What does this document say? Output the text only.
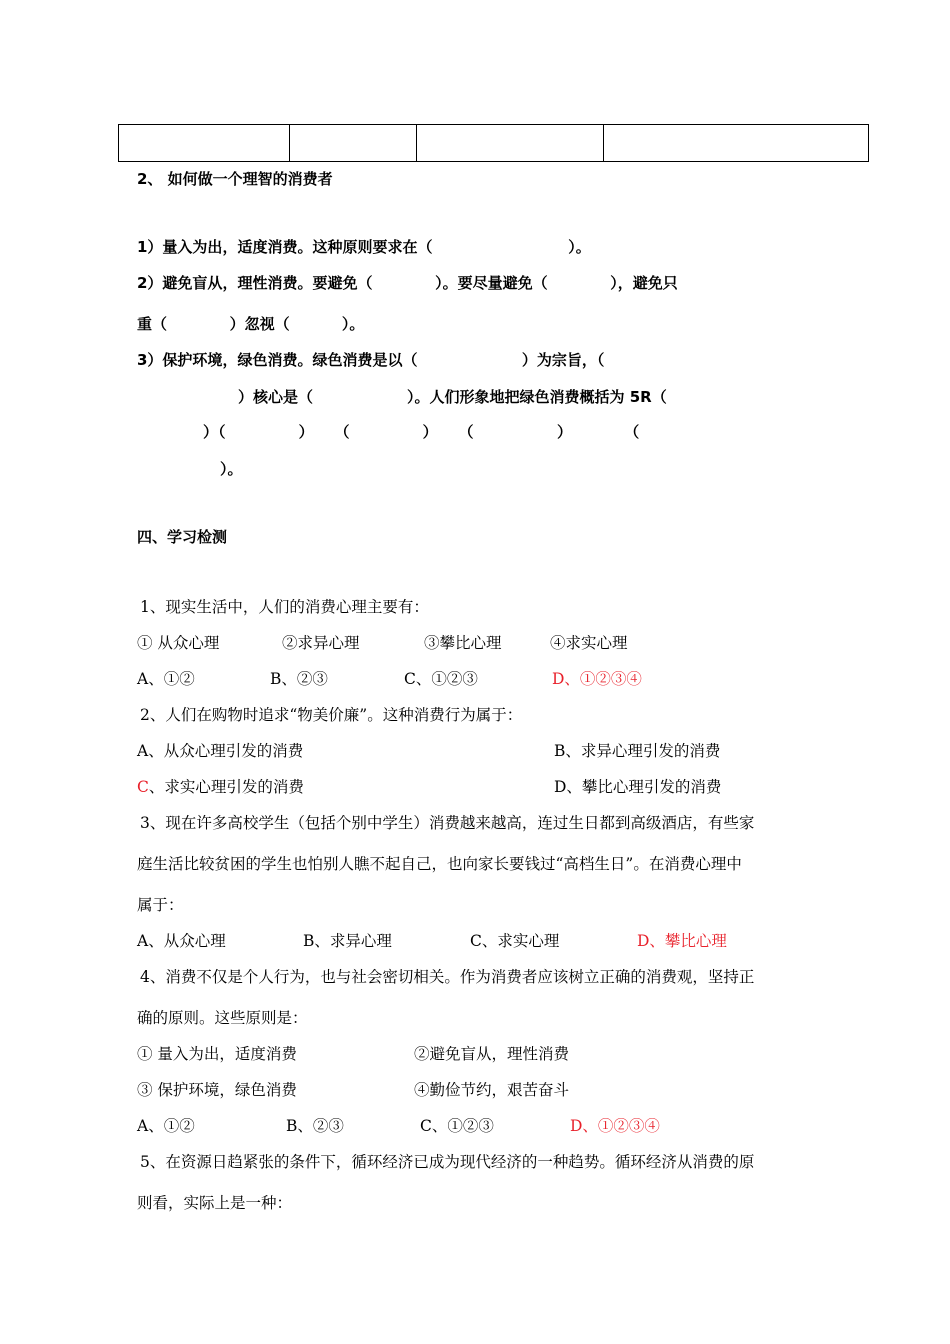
2、 如何做一个理智的消费者
1）量入为出，适度消费。这种原则要求在（                          ）。
2）避免盲从，理性消费。要避免（            ）。要尽量避免（            ），避免只
重（            ）忽视（          ）。
3）保护环境，绿色消费。绿色消费是以（                    ）为宗旨，（
）核心是（                  ）。人们形象地把绿色消费概括为 5R（
）（              ）    （              ）    （                ）          （
）。
四、学习检测
1、现实生活中，人们的消费心理主要有：
① 从众心理	②求异心理	③攀比心理	④求实心理
A、①②	B、②③	C、①②③	D、①②③④
2、人们在购物时追求“物美价廉”。这种消费行为属于：
A、从众心理引发的消费	B、求异心理引发的消费
C、求实心理引发的消费	D、攀比心理引发的消费
3、现在许多高校学生（包括个别中学生）消费越来越高，连过生日都到高级酒店，有些家
庭生活比较贫困的学生也怕别人瞧不起自己，也向家长要钱过“高档生日”。在消费心理中
属于：
A、从众心理	B、求异心理	C、求实心理	D、攀比心理
4、消费不仅是个人行为，也与社会密切相关。作为消费者应该树立正确的消费观，坚持正
确的原则。这些原则是：
① 量入为出，适度消费	②避免盲从，理性消费
③ 保护环境，绿色消费	④勤俭节约，艰苦奋斗
A、①②	B、②③	C、①②③	D、①②③④
5、在资源日趋紧张的条件下，循环经济已成为现代经济的一种趋势。循环经济从消费的原
则看，实际上是一种：
